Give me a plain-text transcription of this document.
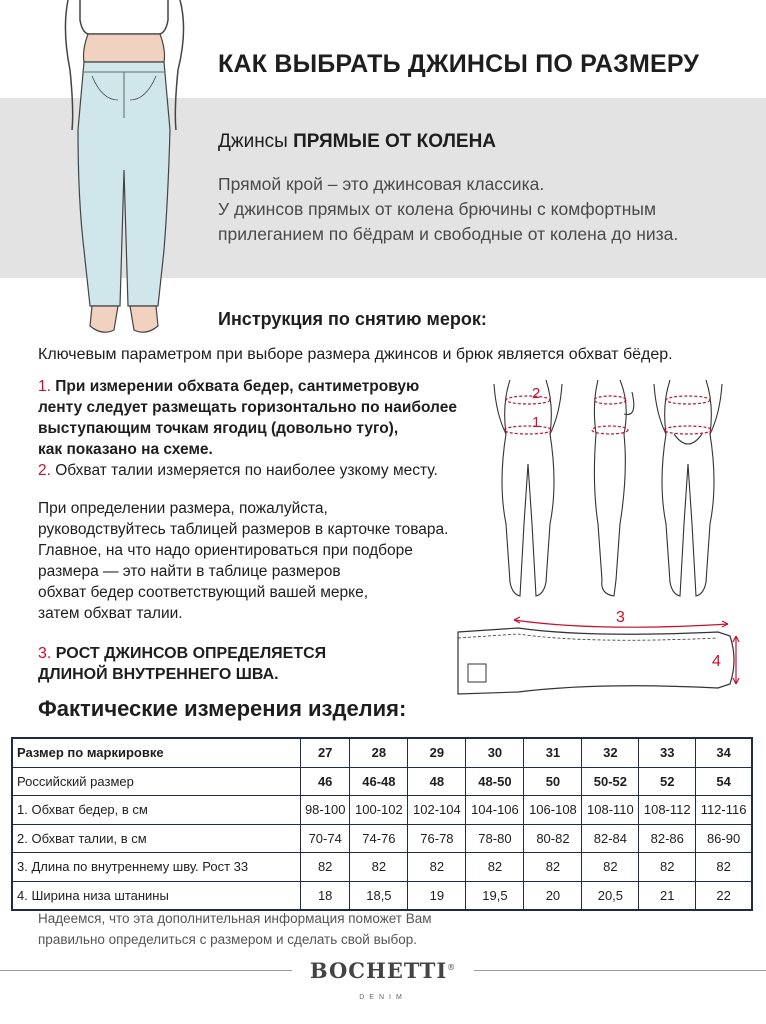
КАК ВЫБРАТЬ ДЖИНСЫ ПО РАЗМЕРУ
Джинсы ПРЯМЫЕ ОТ КОЛЕНА
Прямой крой – это джинсовая классика.
У джинсов прямых от колена брючины с комфортным
прилеганием по бёдрам и свободные от колена до низа.
Инструкция по снятию мерок:
Ключевым параметром при выборе размера джинсов и брюк является обхват бёдер.
1. При измерении обхвата бедер, сантиметровую
ленту следует размещать горизонтально по наиболее
выступающим точкам ягодиц (довольно туго),
как показано на схеме.
2. Обхват талии измеряется по наиболее узкому месту.
При определении размера, пожалуйста,
руководствуйтесь таблицей размеров в карточке товара.
Главное, на что надо ориентироваться при подборе
размера — это найти в таблице размеров
обхват бедер соответствующий вашей мерке,
затем обхват талии.
3. РОСТ ДЖИНСОВ ОПРЕДЕЛЯЕТСЯ
ДЛИНОЙ ВНУТРЕННЕГО ШВА.
2
1
3
4
Фактические измерения изделия:
Размер по маркировке	27	28	29	30	31	32	33	34
Российский размер	46	46-48	48	48-50	50	50-52	52	54
1. Обхват бедер, в см	98-100	100-102	102-104	104-106	106-108	108-110	108-112	112-116
2. Обхват талии, в см	70-74	74-76	76-78	78-80	80-82	82-84	82-86	86-90
3. Длина по внутреннему шву. Рост 33	82	82	82	82	82	82	82	82
4. Ширина низа штанины	18	18,5	19	19,5	20	20,5	21	22
Надеемся, что эта дополнительная информация поможет Вам
правильно определиться с размером и сделать свой выбор.
BOCHETTI®
DENIM
